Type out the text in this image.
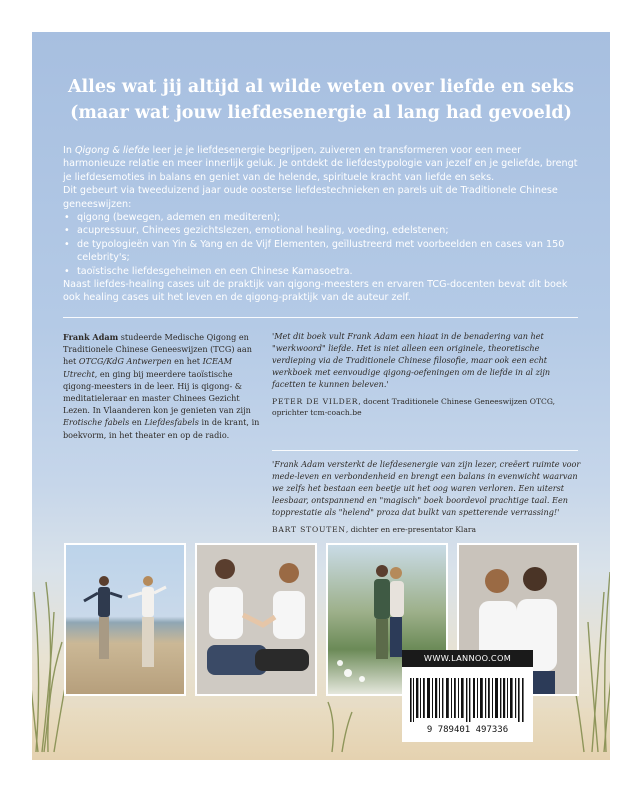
Alles wat jij altijd al wilde weten over liefde en seks
(maar wat jouw liefdesenergie al lang had gevoeld)

In Qigong & liefde leer je je liefdesenergie begrijpen, zuiveren en transformeren voor een meer harmonieuze relatie en meer innerlijk geluk. Je ontdekt de liefdestypologie van jezelf en je geliefde, brengt je liefdesemoties in balans en geniet van de helende, spirituele kracht van liefde en seks.

Dit gebeurt via tweeduizend jaar oude oosterse liefdestechnieken en parels uit de Traditionele Chinese geneeswijzen:

• qigong (bewegen, ademen en mediteren);
• acupressuur, Chinees gezichtslezen, emotional healing, voeding, edelstenen;
• de typologieën van Yin & Yang en de Vijf Elementen, geïllustreerd met voorbeelden en cases van 150 celebrity's;
• taoïstische liefdesgeheimen en een Chinese Kamasoetra.

Naast liefdes-healing cases uit de praktijk van qigong-meesters en ervaren TCG-docenten bevat dit boek ook healing cases uit het leven en de qigong-praktijk van de auteur zelf.

Frank Adam studeerde Medische Qigong en Traditionele Chinese Geneeswijzen (TCG) aan het OTCG/KdG Antwerpen en het ICEAM Utrecht, en ging bij meerdere taoïstische qigong-meesters in de leer. Hij is qigong- & meditatieleraar en master Chinees Gezicht Lezen. In Vlaanderen kon je genieten van zijn Erotische fabels en Liefdesfabels in de krant, in boekvorm, in het theater en op de radio.

'Met dit boek vult Frank Adam een hiaat in de benadering van het "werkwoord" liefde. Het is niet alleen een originele, theoretische verdieping via de Traditionele Chinese filosofie, maar ook een echt werkboek met eenvoudige qigong-oefeningen om de liefde in al zijn facetten te kunnen beleven.'

PETER DE VILDER, docent Traditionele Chinese Geneeswijzen OTCG, oprichter tcm-coach.be

'Frank Adam versterkt de liefdesenergie van zijn lezer, creëert ruimte voor mede-leven en verbondenheid en brengt een balans in evenwicht waarvan we zelfs het bestaan een beetje uit het oog waren verloren. Een uiterst leesbaar, ontspannend en "magisch" boek boordevol prachtige taal. Een topprestatie als "helend" proza dat bulkt van spetterende verrassing!'

BART STOUTEN, dichter en ere-presentator Klara

WWW.LANNOO.COM
9 789401 497336
